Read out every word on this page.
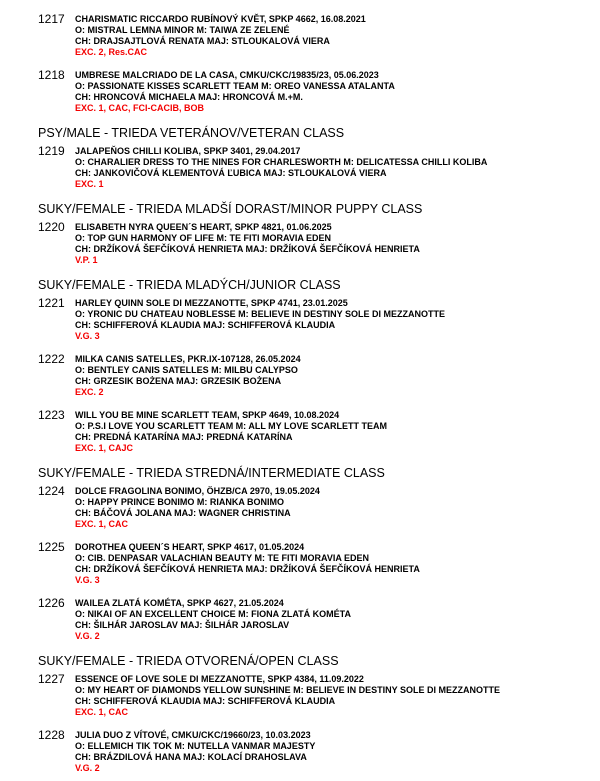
1217	CHARISMATIC RICCARDO RUBÍNOVÝ KVĚT, SPKP 4662, 16.08.2021
O: MISTRAL LEMNA MINOR M: TAIWA ZE ZELENÉ
CH: DRAJSAJTLOVÁ RENATA MAJ: STLOUKALOVÁ VIERA
EXC. 2, Res.CAC
1218	UMBRESE MALCRIADO DE LA CASA, CMKU/CKC/19835/23, 05.06.2023
O: PASSIONATE KISSES SCARLETT TEAM M: OREO VANESSA ATALANTA
CH: HRONCOVÁ MICHAELA MAJ: HRONCOVÁ M.+M.
EXC. 1, CAC, FCI-CACIB, BOB
PSY/MALE - TRIEDA VETERÁNOV/VETERAN CLASS
1219	JALAPEŇOS CHILLI KOLIBA, SPKP 3401, 29.04.2017
O: CHARALIER DRESS TO THE NINES FOR CHARLESWORTH M: DELICATESSA CHILLI KOLIBA
CH: JANKOVIČOVÁ KLEMENTOVÁ ĽUBICA MAJ: STLOUKALOVÁ VIERA
EXC. 1
SUKY/FEMALE - TRIEDA MLADŠÍ DORAST/MINOR PUPPY CLASS
1220	ELISABETH NYRA QUEEN´S HEART, SPKP 4821, 01.06.2025
O: TOP GUN HARMONY OF LIFE M: TE FITI MORAVIA EDEN
CH: DRŽÍKOVÁ ŠEFČÍKOVÁ HENRIETA MAJ: DRŽÍKOVÁ ŠEFČÍKOVÁ HENRIETA
V.P. 1
SUKY/FEMALE - TRIEDA MLADÝCH/JUNIOR CLASS
1221	HARLEY QUINN SOLE DI MEZZANOTTE, SPKP 4741, 23.01.2025
O: YRONIC DU CHATEAU NOBLESSE M: BELIEVE IN DESTINY SOLE DI MEZZANOTTE
CH: SCHIFFEROVÁ KLAUDIA MAJ: SCHIFFEROVÁ KLAUDIA
V.G. 3
1222	MILKA CANIS SATELLES, PKR.IX-107128, 26.05.2024
O: BENTLEY CANIS SATELLES M: MILBU CALYPSO
CH: GRZESIK BOŻENA MAJ: GRZESIK BOŻENA
EXC. 2
1223	WILL YOU BE MINE SCARLETT TEAM, SPKP 4649, 10.08.2024
O: P.S.I LOVE YOU SCARLETT TEAM M: ALL MY LOVE SCARLETT TEAM
CH: PREDNÁ KATARÍNA MAJ: PREDNÁ KATARÍNA
EXC. 1, CAJC
SUKY/FEMALE - TRIEDA STREDNÁ/INTERMEDIATE CLASS
1224	DOLCE FRAGOLINA BONIMO, ÖHZB/CA 2970, 19.05.2024
O: HAPPY PRINCE BONIMO M: RIANKA BONIMO
CH: BÁČOVÁ JOLANA MAJ: WAGNER CHRISTINA
EXC. 1, CAC
1225	DOROTHEA QUEEN´S HEART, SPKP 4617, 01.05.2024
O: CIB. DENPASAR VALACHIAN BEAUTY M: TE FITI MORAVIA EDEN
CH: DRŽÍKOVÁ ŠEFČÍKOVÁ HENRIETA MAJ: DRŽÍKOVÁ ŠEFČÍKOVÁ HENRIETA
V.G. 3
1226	WAILEA ZLATÁ KOMÉTA, SPKP 4627, 21.05.2024
O: NIKAI OF AN EXCELLENT CHOICE M: FIONA ZLATÁ KOMÉTA
CH: ŠILHÁR JAROSLAV MAJ: ŠILHÁR JAROSLAV
V.G. 2
SUKY/FEMALE - TRIEDA OTVORENÁ/OPEN CLASS
1227	ESSENCE OF LOVE SOLE DI MEZZANOTTE, SPKP 4384, 11.09.2022
O: MY HEART OF DIAMONDS YELLOW SUNSHINE M: BELIEVE IN DESTINY SOLE DI MEZZANOTTE
CH: SCHIFFEROVÁ KLAUDIA MAJ: SCHIFFEROVÁ KLAUDIA
EXC. 1, CAC
1228	JULIA DUO Z VÍTOVÉ, CMKU/CKC/19660/23, 10.03.2023
O: ELLEMICH TIK TOK M: NUTELLA VANMAR MAJESTY
CH: BRÁZDILOVÁ HANA MAJ: KOLACÍ DRAHOSLAVA
V.G. 2
